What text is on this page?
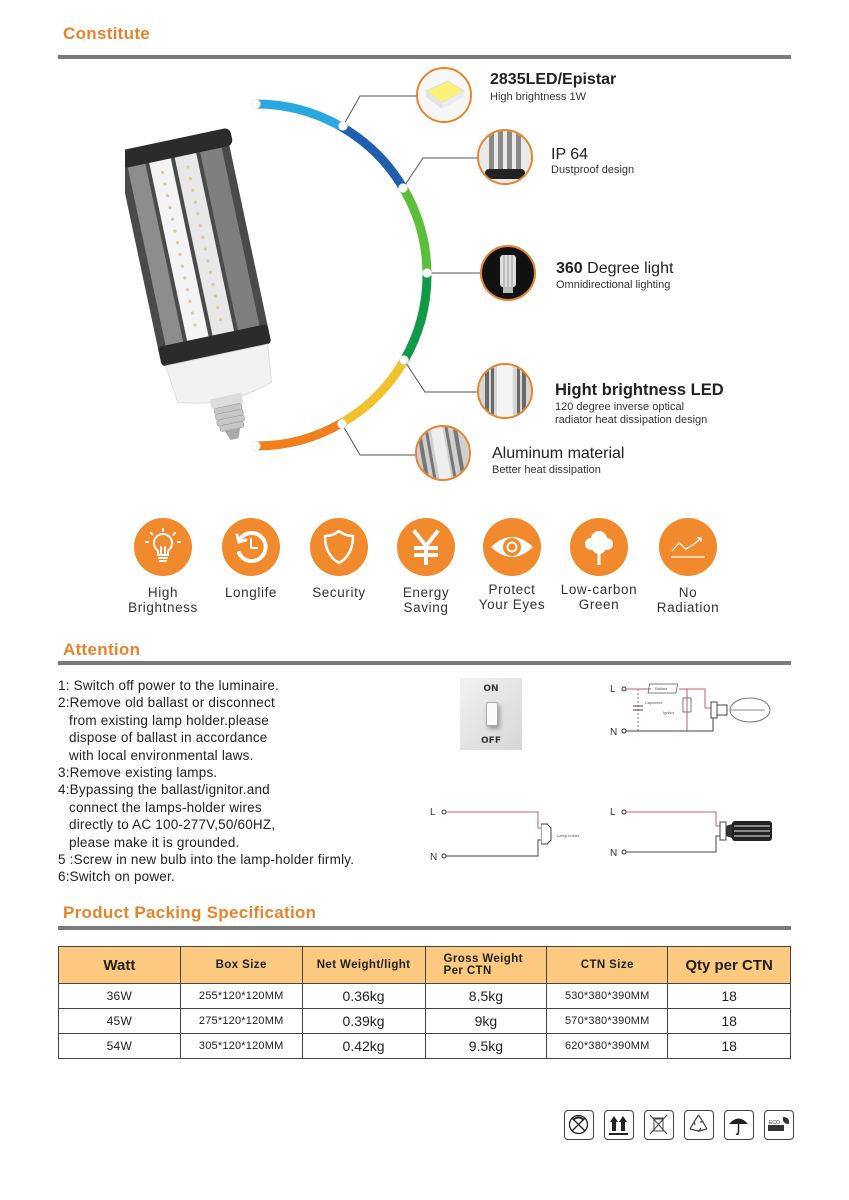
Constitute
2835LED/Epistar
High brightness 1W
IP 64
Dustproof design
360 Degree light
Omnidirectional lighting
Hight brightness LED
120 degree inverse optical
radiator heat dissipation design
Aluminum material
Better heat dissipation
High
Brightness
Longlife	Security	Energy
Saving
Protect
Your Eyes
Low-carbon
Green
No
Radiation
Attention
1: Switch off power to the luminaire.
2:Remove old ballast or disconnect
from existing lamp holder.please
dispose of ballast in accordance
with local environmental laws.
3:Remove existing lamps.
4:Bypassing the ballast/ignitor.and
connect the lamps-holder wires
directly to AC 100-277V,50/60HZ,
please make it is grounded.
5 :Screw in new bulb into the lamp-holder firmly.
6:Switch on power.
ON
OFF
L
N
Ballast
Capacitor
Ignitor
L
N
Lamp holder
L
N
Product Packing Specification
Watt	Box Size	Net Weight/light	Gross Weight
Per CTN	CTN Size	Qty per CTN
36W	255*120*120MM	0.36kg	8.5kg	530*380*390MM	18
45W	275*120*120MM	0.39kg	9kg	570*380*390MM	18
54W	305*120*120MM	0.42kg	9.5kg	620*380*390MM	18
ECO
